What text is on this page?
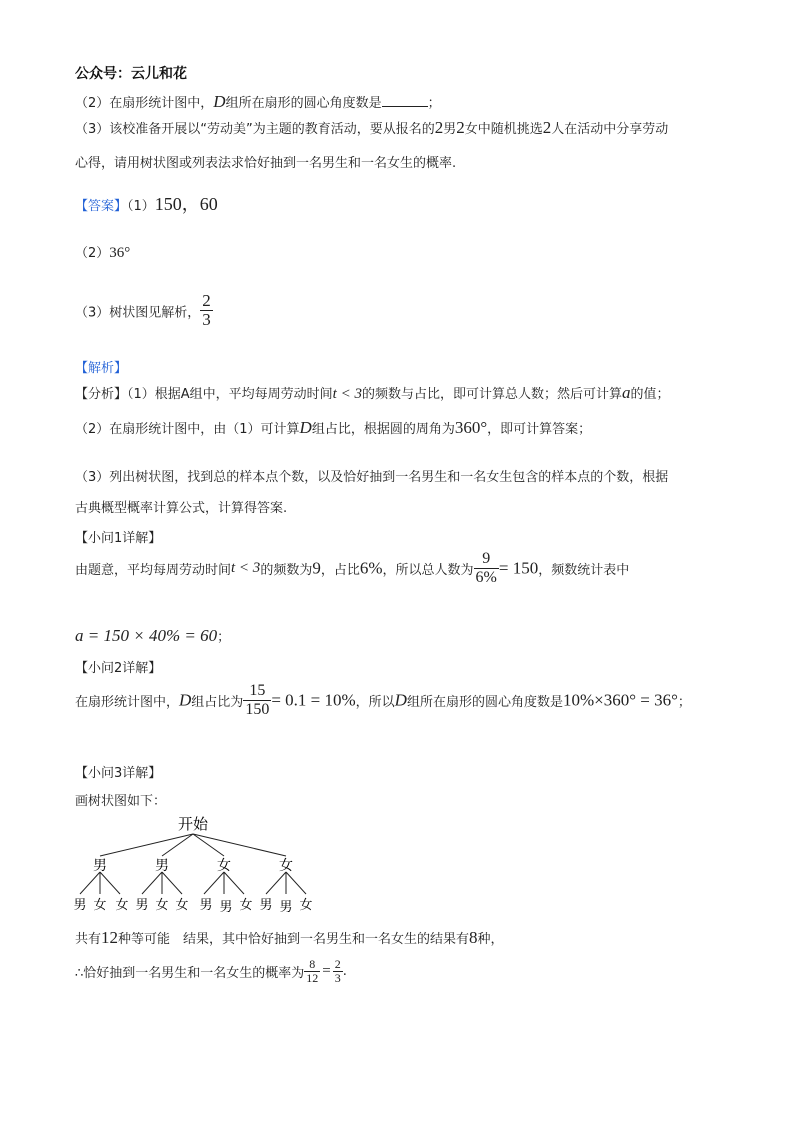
公众号：云儿和花
（2）在扇形统计图中，D组所在扇形的圆心角度数是	；
（3）该校准备开展以“劳动美”为主题的教育活动，要从报名的2男2女中随机挑选2人在活动中分享劳动
心得，请用树状图或列表法求恰好抽到一名男生和一名女生的概率.
【答案】（1）150，60
（2）36°
（3）树状图见解析， $\frac{2}{3}$
【解析】
【分析】（1）根据A组中，平均每周劳动时间t < 3的频数与占比，即可计算总人数；然后可计算a的值；
（2）在扇形统计图中，由（1）可计算D组占比，根据圆的周角为360°，即可计算答案；
（3）列出树状图，找到总的样本点个数，以及恰好抽到一名男生和一名女生包含的样本点的个数，根据
古典概型概率计算公式，计算得答案.
【小问1详解】
由题意，平均每周劳动时间t < 3的频数为9，占比6%，所以总人数为 $\frac{9}{6\%} = 150$，频数统计表中
a = 150 × 40% = 60；
【小问2详解】
在扇形统计图中，D组占比为 $\frac{15}{150} = 0.1 = 10\%$，所以D组所在扇形的圆心角度数是10%×360° = 36°；
【小问3详解】
画树状图如下：
开始
男	男	女	女
男 女 女 男 女 女 男 男 女 男 男 女
共有12种等可能　结果，其中恰好抽到一名男生和一名女生的结果有8种，
∴恰好抽到一名男生和一名女生的概率为 $\frac{8}{12} = \frac{2}{3}$ .
